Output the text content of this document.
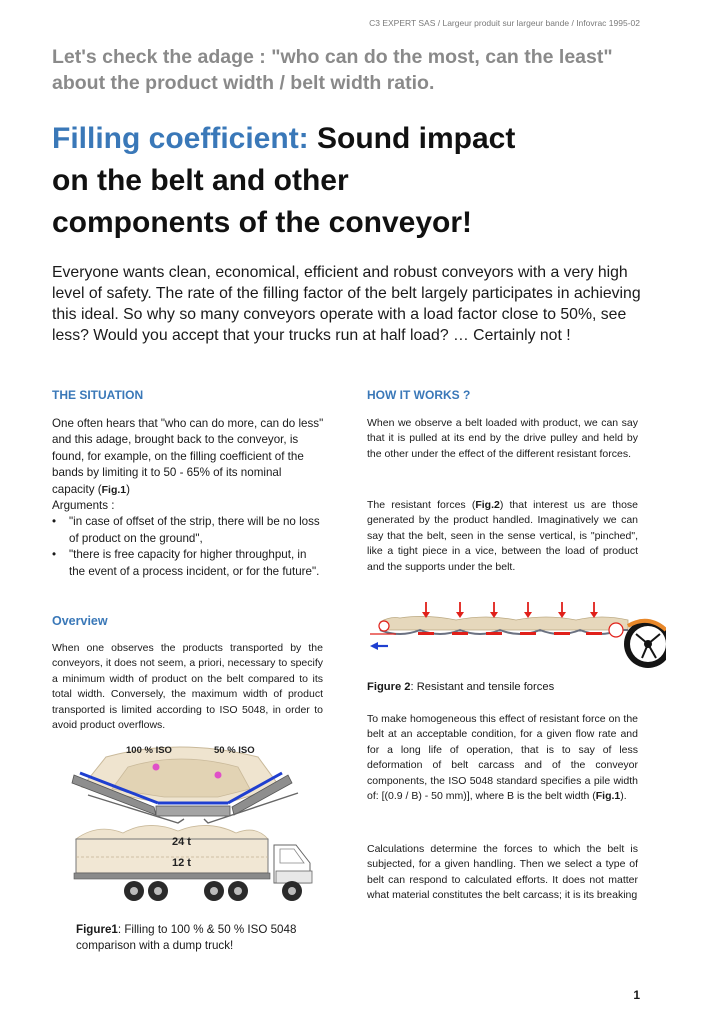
C3 EXPERT SAS / Largeur produit sur largeur bande / Infovrac 1995-02
Let's check the adage : "who can do the most, can the least" about the product width / belt width ratio.
Filling coefficient: Sound impact on the belt and other components of the conveyor!
Everyone wants clean, economical, efficient and robust conveyors with a very high level of safety. The rate of the filling factor of the belt largely participates in achieving this ideal. So why so many conveyors operate with a load factor close to 50%, see less? Would you accept that your trucks run at half load? … Certainly not !
THE SITUATION
One often hears that "who can do more, can do less" and this adage, brought back to the conveyor, is found, for example, on the filling coefficient of the bands by limiting it to 50 - 65% of its nominal capacity (Fig.1)
Arguments :
• "in case of offset of the strip, there will be no loss of product on the ground",
• "there is free capacity for higher throughput, in the event of a process incident, or for the future".
Overview
When one observes the products transported by the conveyors, it does not seem, a priori, necessary to specify a minimum width of product on the belt compared to its total width. Conversely, the maximum width of product transported is limited according to ISO 5048, in order to avoid product overflows.
100 % ISO	50 % ISO
24 t
12 t
Figure1: Filling to 100 % & 50 % ISO 5048 comparison with a dump truck!
HOW IT WORKS ?
When we observe a belt loaded with product, we can say that it is pulled at its end by the drive pulley and held by the other under the effect of the different resistant forces.
The resistant forces (Fig.2) that interest us are those generated by the product handled. Imaginatively we can say that the belt, seen in the sense vertical, is "pinched", like a tight piece in a vice, between the load of product and the supports under the belt.
Figure 2: Resistant and tensile forces
To make homogeneous this effect of resistant force on the belt at an acceptable condition, for a given flow rate and for a long life of operation, that is to say of less deformation of belt carcass and of the conveyor components, the ISO 5048 standard specifies a pile width of: [(0.9 / B) - 50 mm)], where B is the belt width (Fig.1).
Calculations determine the forces to which the belt is subjected, for a given handling. Then we select a type of belt can respond to calculated efforts. It does not matter what material constitutes the belt carcass; it is its breaking
1
